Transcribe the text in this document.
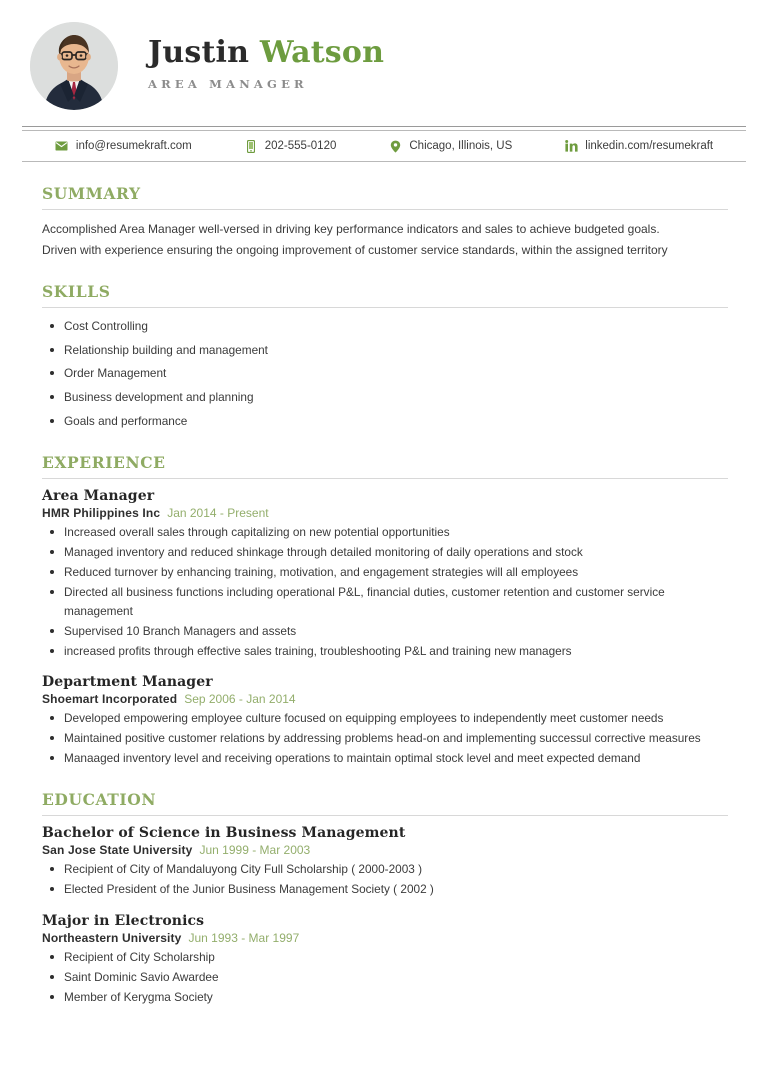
Justin Watson
AREA MANAGER
info@resumekraft.com	202-555-0120	Chicago, Illinois, US	linkedin.com/resumekraft
SUMMARY
Accomplished Area Manager well-versed in driving key performance indicators and sales to achieve budgeted goals.
Driven with experience ensuring the ongoing improvement of customer service standards, within the assigned territory
SKILLS
Cost Controlling
Relationship building and management
Order Management
Business development and planning
Goals and performance
EXPERIENCE
Area Manager
HMR Philippines Inc Jan 2014 - Present
Increased overall sales through capitalizing on new potential opportunities
Managed inventory and reduced shinkage through detailed monitoring of daily operations and stock
Reduced turnover by enhancing training, motivation, and engagement strategies will all employees
Directed all business functions including operational P&L, financial duties, customer retention and customer service management
Supervised 10 Branch Managers and assets
increased profits through effective sales training, troubleshooting P&L and training new managers
Department Manager
Shoemart Incorporated Sep 2006 - Jan 2014
Developed empowering employee culture focused on equipping employees to independently meet customer needs
Maintained positive customer relations by addressing problems head-on and implementing successul corrective measures
Manaaged inventory level and receiving operations to maintain optimal stock level and meet expected demand
EDUCATION
Bachelor of Science in Business Management
San Jose State University Jun 1999 - Mar 2003
Recipient of City of Mandaluyong City Full Scholarship ( 2000-2003 )
Elected President of the Junior Business Management Society ( 2002 )
Major in Electronics
Northeastern University Jun 1993 - Mar 1997
Recipient of City Scholarship
Saint Dominic Savio Awardee
Member of Kerygma Society
